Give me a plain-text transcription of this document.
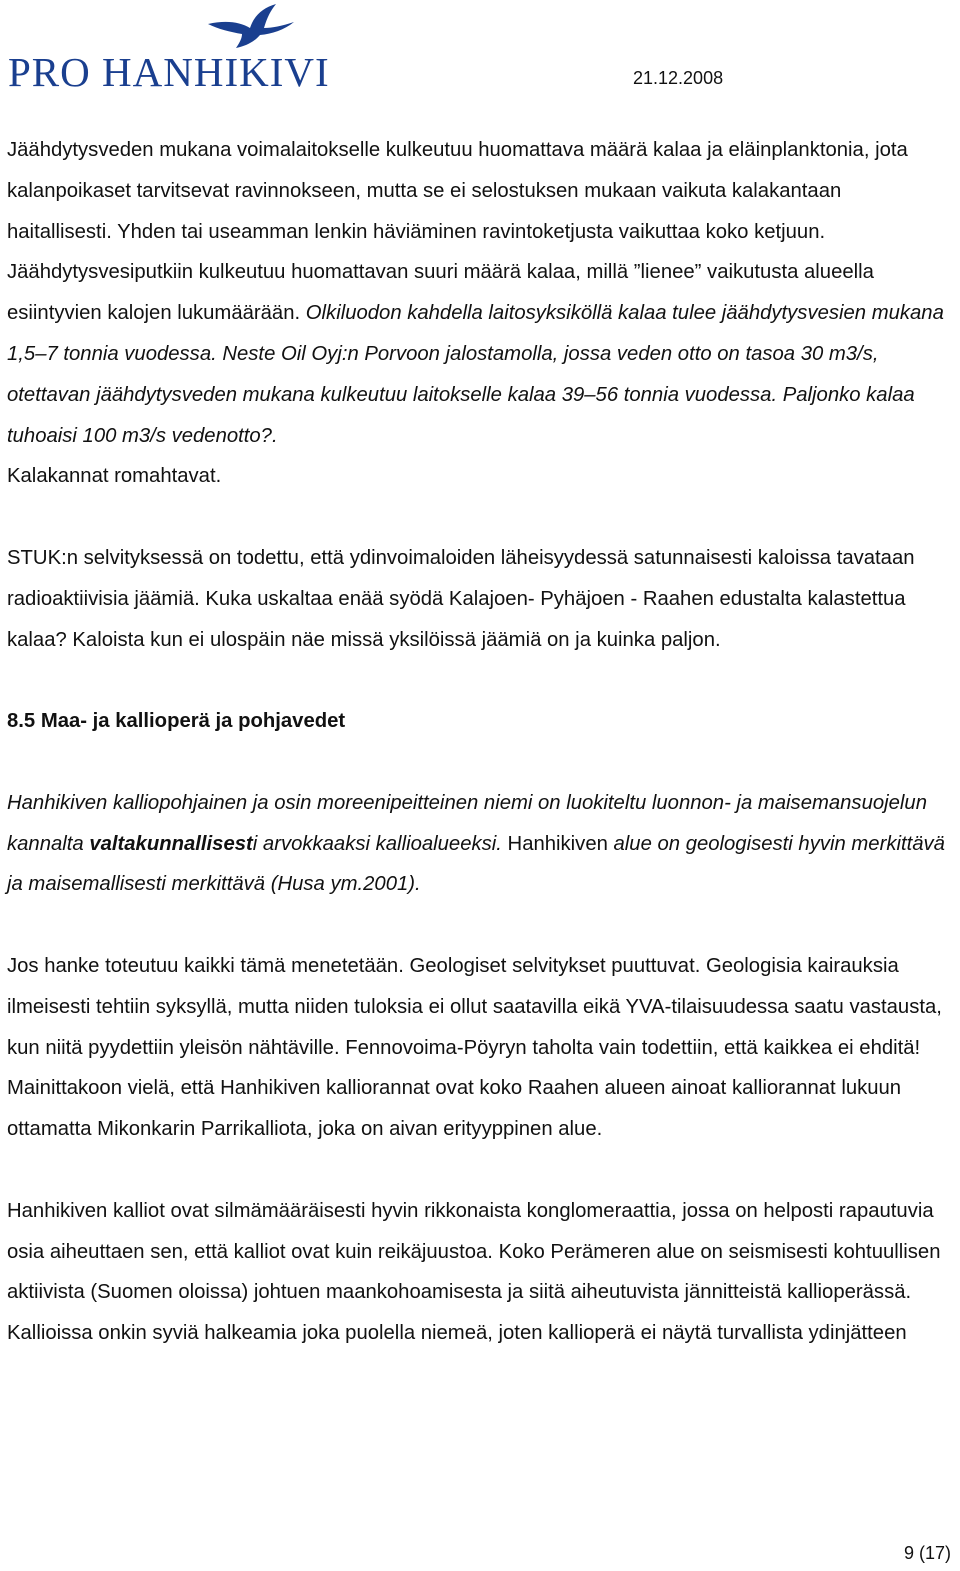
PRO HANHIKIVI	21.12.2008

Jäähdytysveden mukana voimalaitokselle kulkeutuu huomattava määrä kalaa ja eläinplanktonia, jota kalanpoikaset tarvitsevat ravinnokseen, mutta se ei selostuksen mukaan vaikuta kalakantaan haitallisesti. Yhden tai useamman lenkin häviäminen ravintoketjusta vaikuttaa koko ketjuun. Jäähdytysvesiputkiin kulkeutuu huomattavan suuri määrä kalaa, millä ”lienee” vaikutusta alueella esiintyvien kalojen lukumäärään. Olkiluodon kahdella laitosyksiköllä kalaa tulee jäähdytysvesien mukana 1,5–7 tonnia vuodessa. Neste Oil Oyj:n Porvoon jalostamolla, jossa veden otto on tasoa 30 m3/s, otettavan jäähdytysveden mukana kulkeutuu laitokselle kalaa 39–56 tonnia vuodessa. Paljonko kalaa tuhoaisi 100 m3/s vedenotto?.
Kalakannat romahtavat.

STUK:n selvityksessä on todettu, että ydinvoimaloiden läheisyydessä satunnaisesti kaloissa tavataan radioaktiivisia jäämiä. Kuka uskaltaa enää syödä Kalajoen- Pyhäjoen - Raahen edustalta kalastettua kalaa? Kaloista kun ei ulospäin näe missä yksilöissä jäämiä on ja kuinka paljon.

8.5 Maa- ja kallioperä ja pohjavedet

Hanhikiven kalliopohjainen ja osin moreenipeitteinen niemi on luokiteltu luonnon- ja maisemansuojelun kannalta valtakunnallisesti arvokkaaksi kallioalueeksi. Hanhikiven alue on geologisesti hyvin merkittävä ja maisemallisesti merkittävä (Husa ym.2001).

Jos hanke toteutuu kaikki tämä menetetään. Geologiset selvitykset puuttuvat. Geologisia kairauksia ilmeisesti tehtiin syksyllä, mutta niiden tuloksia ei ollut saatavilla eikä YVA-tilaisuudessa saatu vastausta, kun niitä pyydettiin yleisön nähtäville. Fennovoima-Pöyryn taholta vain todettiin, että kaikkea ei ehditä! Mainittakoon vielä, että Hanhikiven kalliorannat ovat koko Raahen alueen ainoat kalliorannat lukuun ottamatta Mikonkarin Parrikalliota, joka on aivan erityyppinen alue.

Hanhikiven kalliot ovat silmämääräisesti hyvin rikkonaista konglomeraattia, jossa on helposti rapautuvia osia aiheuttaen sen, että kalliot ovat kuin reikäjuustoa. Koko Perämeren alue on seismisesti kohtuullisen aktiivista (Suomen oloissa) johtuen maankohoamisesta ja siitä aiheutuvista jännitteistä kallioperässä. Kallioissa onkin syviä halkeamia joka puolella niemeä, joten kallioperä ei näytä turvallista ydinjätteen

9 (17)
